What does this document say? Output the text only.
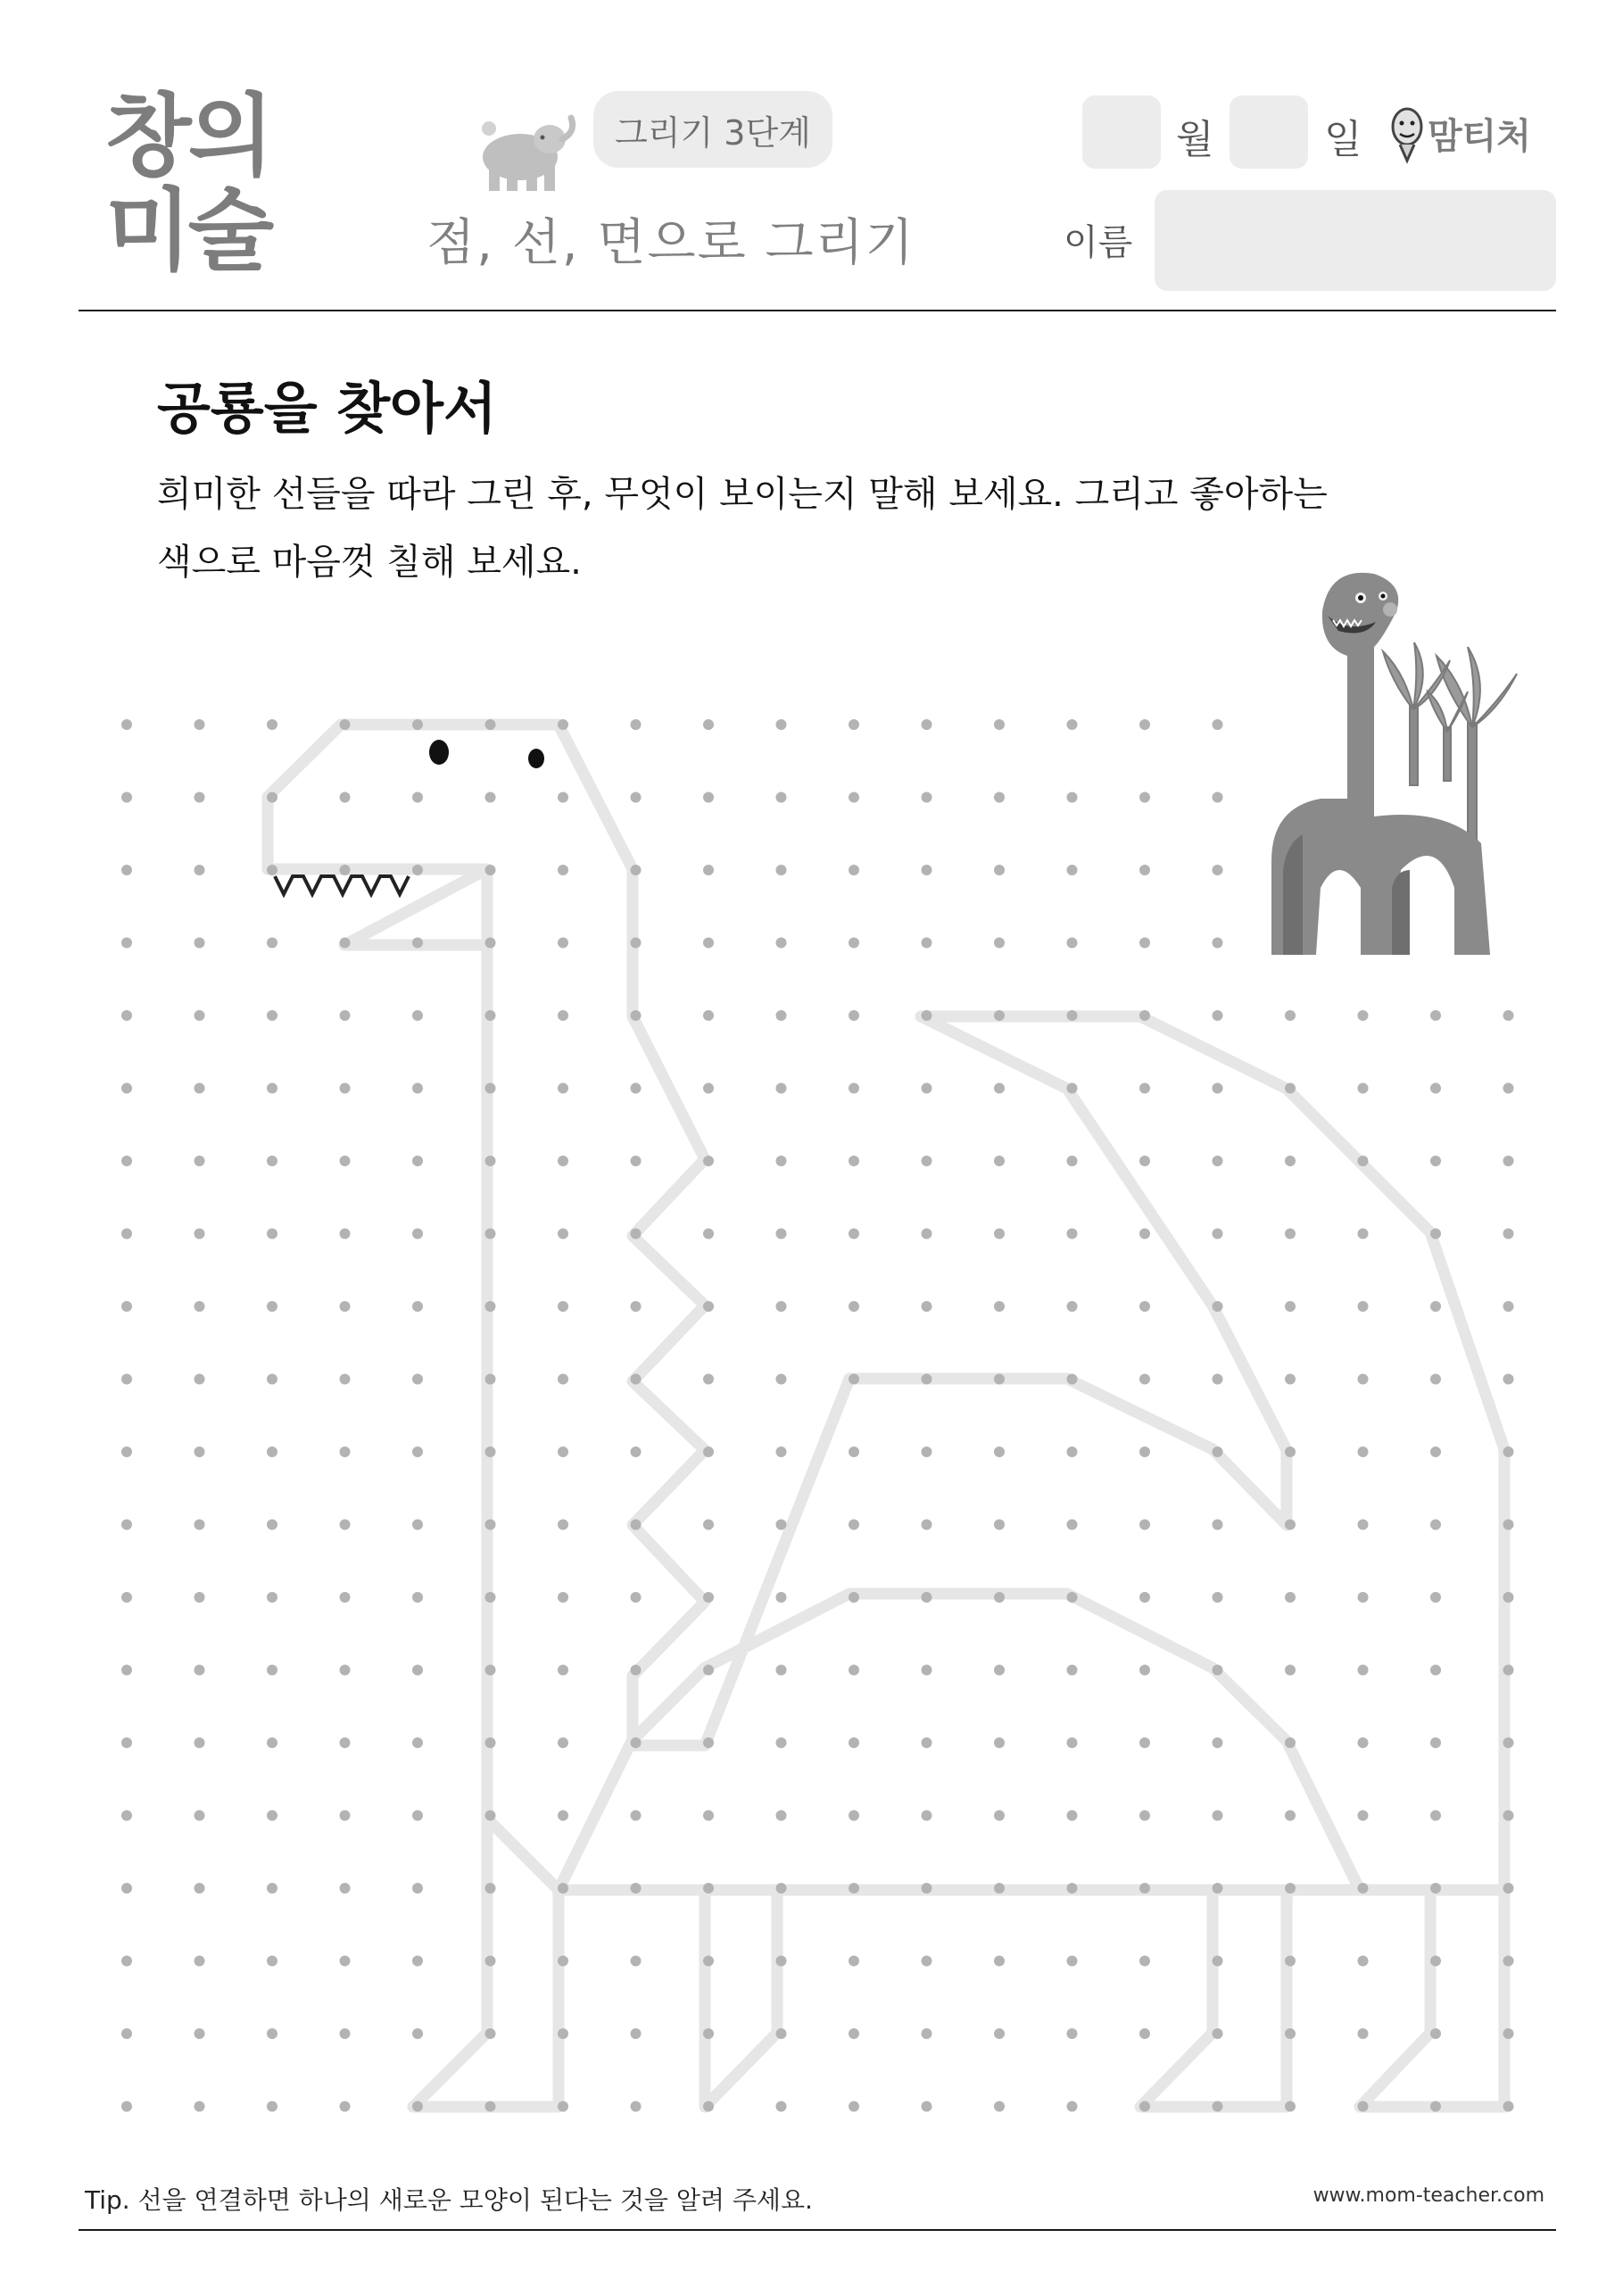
창의
미술
그리기 3단계
점, 선, 면으로 그리기
월	일 맘티처
이름
공룡을 찾아서
희미한 선들을 따라 그린 후, 무엇이 보이는지 말해 보세요. 그리고 좋아하는
색으로 마음껏 칠해 보세요.
Tip. 선을 연결하면 하나의 새로운 모양이 된다는 것을 알려 주세요.	www.mom-teacher.com
